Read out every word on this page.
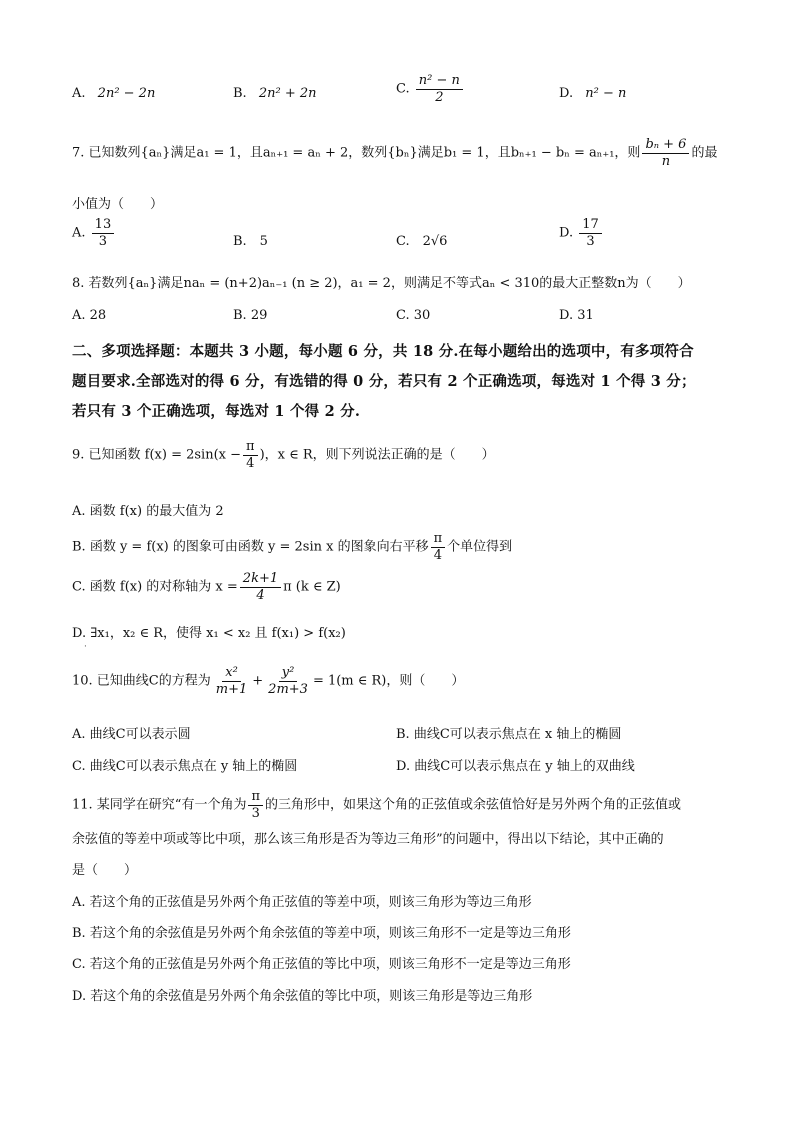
A. 2n² − 2n	B. 2n² + 2n	C. $\frac{\text{n² − n}}{2}$	D. n² − n
7. 已知数列{aₙ}满足a₁ = 1，且aₙ₊₁ = aₙ + 2，数列{bₙ}满足b₁ = 1，且bₙ₊₁ − bₙ = aₙ₊₁，则 $\frac{\text{bₙ + 6}}{n}$ 的最
小值为（　　）
A. $\frac{13}{3}$	B.　5	C.　2√6
D. $\frac{17}{3}$
8. 若数列{aₙ}满足naₙ = (n+2)aₙ₋₁ (n ≥ 2)，a₁ = 2，则满足不等式aₙ < 310的最大正整数n为（　　）
A. 28	B. 29	C. 30	D. 31
二、多项选择题：本题共 3 小题，每小题 6 分，共 18 分.在每小题给出的选项中，有多项符合
题目要求.全部选对的得 6 分，有选错的得 0 分，若只有 2 个正确选项，每选对 1 个得 3 分；
若只有 3 个正确选项，每选对 1 个得 2 分.
9. 已知函数 $f(x) = 2\sin(x - \frac{\pi}{4}$ )，x ∈ R，则下列说法正确的是（　　）
A. 函数 f(x) 的最大值为 2
B. 函数 y = f(x) 的图象可由函数 y = 2sin x 的图象向右平移 $\frac{\pi}{4}$ 个单位得到
C. 函数 f(x) 的对称轴为 $x = \frac{2k+1}{4}$ π (k ∈ Z)
D. ∃x₁，x₂ ∈ R，使得 x₁ < x₂ 且 f(x₁) > f(x₂)
·
10. 已知曲线C的方程为 $\frac{\text{x²}}{m+1} + \frac{\text{y²}}{2m+3} = 1(m$ ∈ R)，则（　　）
A. 曲线C可以表示圆	B. 曲线C可以表示焦点在 x 轴上的椭圆
C. 曲线C可以表示焦点在 y 轴上的椭圆	D. 曲线C可以表示焦点在 y 轴上的双曲线
11. 某同学在研究“有一个角为 $\frac{\pi}{3}$ 的三角形中，如果这个角的正弦值或余弦值恰好是另外两个角的正弦值或
余弦值的等差中项或等比中项，那么该三角形是否为等边三角形”的问题中，得出以下结论，其中正确的
是（　　）
A. 若这个角的正弦值是另外两个角正弦值的等差中项，则该三角形为等边三角形
B. 若这个角的余弦值是另外两个角余弦值的等差中项，则该三角形不一定是等边三角形
C. 若这个角的正弦值是另外两个角正弦值的等比中项，则该三角形不一定是等边三角形
D. 若这个角的余弦值是另外两个角余弦值的等比中项，则该三角形是等边三角形
